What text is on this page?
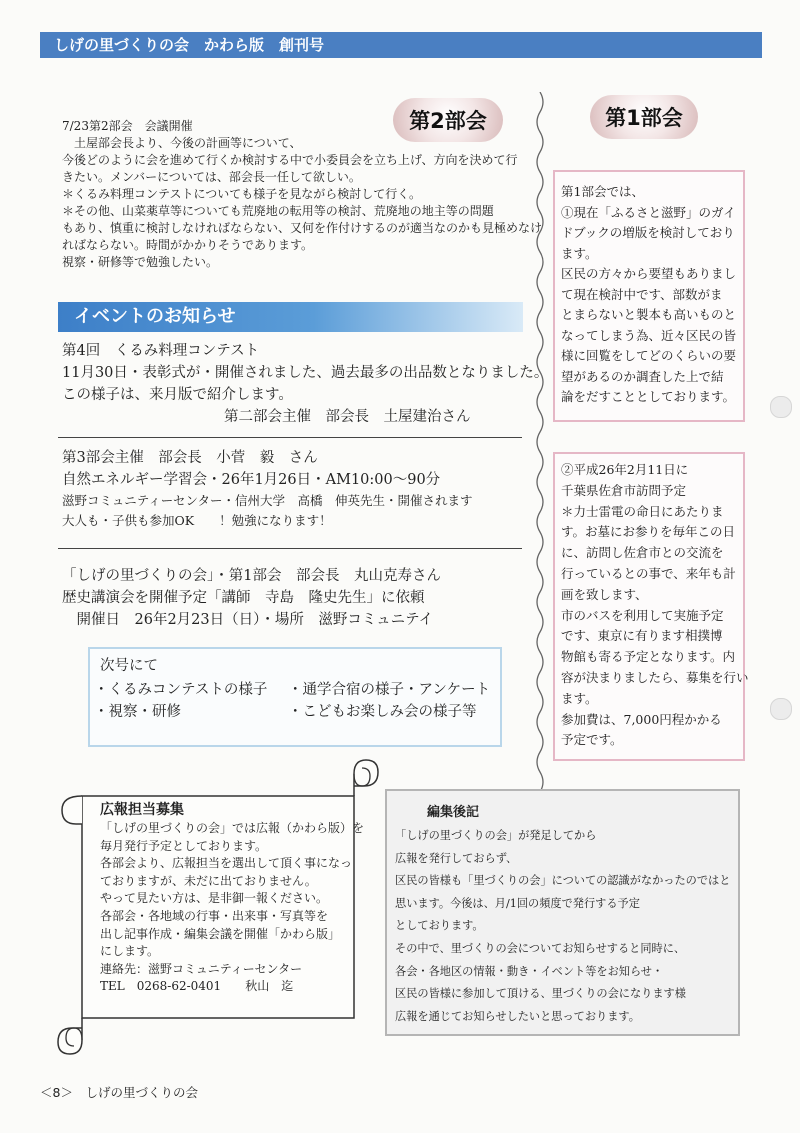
しげの里づくりの会　かわら版　創刊号
第2部会
7/23第2部会　会議開催
　土屋部会長より、今後の計画等について、
今後どのように会を進めて行くか検討する中で小委員会を立ち上げ、方向を決めて行
きたい。メンバーについては、部会長一任して欲しい。
＊くるみ料理コンテストについても様子を見ながら検討して行く。
＊その他、山菜薬草等についても荒廃地の転用等の検討、荒廃地の地主等の問題
もあり、慎重に検討しなければならない、又何を作付けするのが適当なのかも見極めなけ
ればならない。時間がかかりそうであります。
視察・研修等で勉強したい。
イベントのお知らせ
第4回　くるみ料理コンテスト
11月30日・表彰式が・開催されました、過去最多の出品数となりました。
この様子は、来月版で紹介します。
第二部会主催　部会長　土屋建治さん
第3部会主催　部会長　小菅　毅　さん
自然エネルギー学習会・26年1月26日・AM10:00～90分
滋野コミュニティーセンター・信州大学　高橋　伸英先生・開催されます
大人も・子供も参加OK　　！勉強になります！
「しげの里づくりの会」・第1部会　部会長　丸山克寿さん
歴史講演会を開催予定「講師　寺島　隆史先生」に依頼
　開催日　26年2月23日（日）・場所　滋野コミュニテイ
次号にて
・くるみコンテストの様子
・視察・研修
・通学合宿の様子・アンケート
・こどもお楽しみ会の様子等
第1部会
第1部会では、
①現在「ふるさと滋野」のガイ
ドブックの増版を検討しており
ます。
区民の方々から要望もありまし
て現在検討中です、部数がま
とまらないと製本も高いものと
なってしまう為、近々区民の皆
様に回覧をしてどのくらいの要
望があるのか調査した上で結
論をだすこととしております。
②平成26年2月11日に
千葉県佐倉市訪問予定
＊力士雷電の命日にあたりま
す。お墓にお参りを毎年この日
に、訪問し佐倉市との交流を
行っているとの事で、来年も計
画を致します、
市のバスを利用して実施予定
です、東京に有ります相撲博
物館も寄る予定となります。内
容が決まりましたら、募集を行い
ます。
参加費は、7,000円程かかる
予定です。
広報担当募集
「しげの里づくりの会」では広報（かわら版）を
毎月発行予定としております。
各部会より、広報担当を選出して頂く事になっ
ておりますが、未だに出ておりません。
やって見たい方は、是非御一報ください。
各部会・各地域の行事・出来事・写真等を
出し記事作成・編集会議を開催「かわら版」
にします。
連絡先：滋野コミュニティーセンター
TEL　0268-62-0401　　秋山　迄
編集後記
「しげの里づくりの会」が発足してから
広報を発行しておらず、
区民の皆様も「里づくりの会」についての認識がなかったのではと
思います。今後は、月/1回の頻度で発行する予定
としております。
その中で、里づくりの会についてお知らせすると同時に、
各会・各地区の情報・動き・イベント等をお知らせ・
区民の皆様に参加して頂ける、里づくりの会になります様
広報を通じてお知らせしたいと思っております。
＜8＞　しげの里づくりの会
